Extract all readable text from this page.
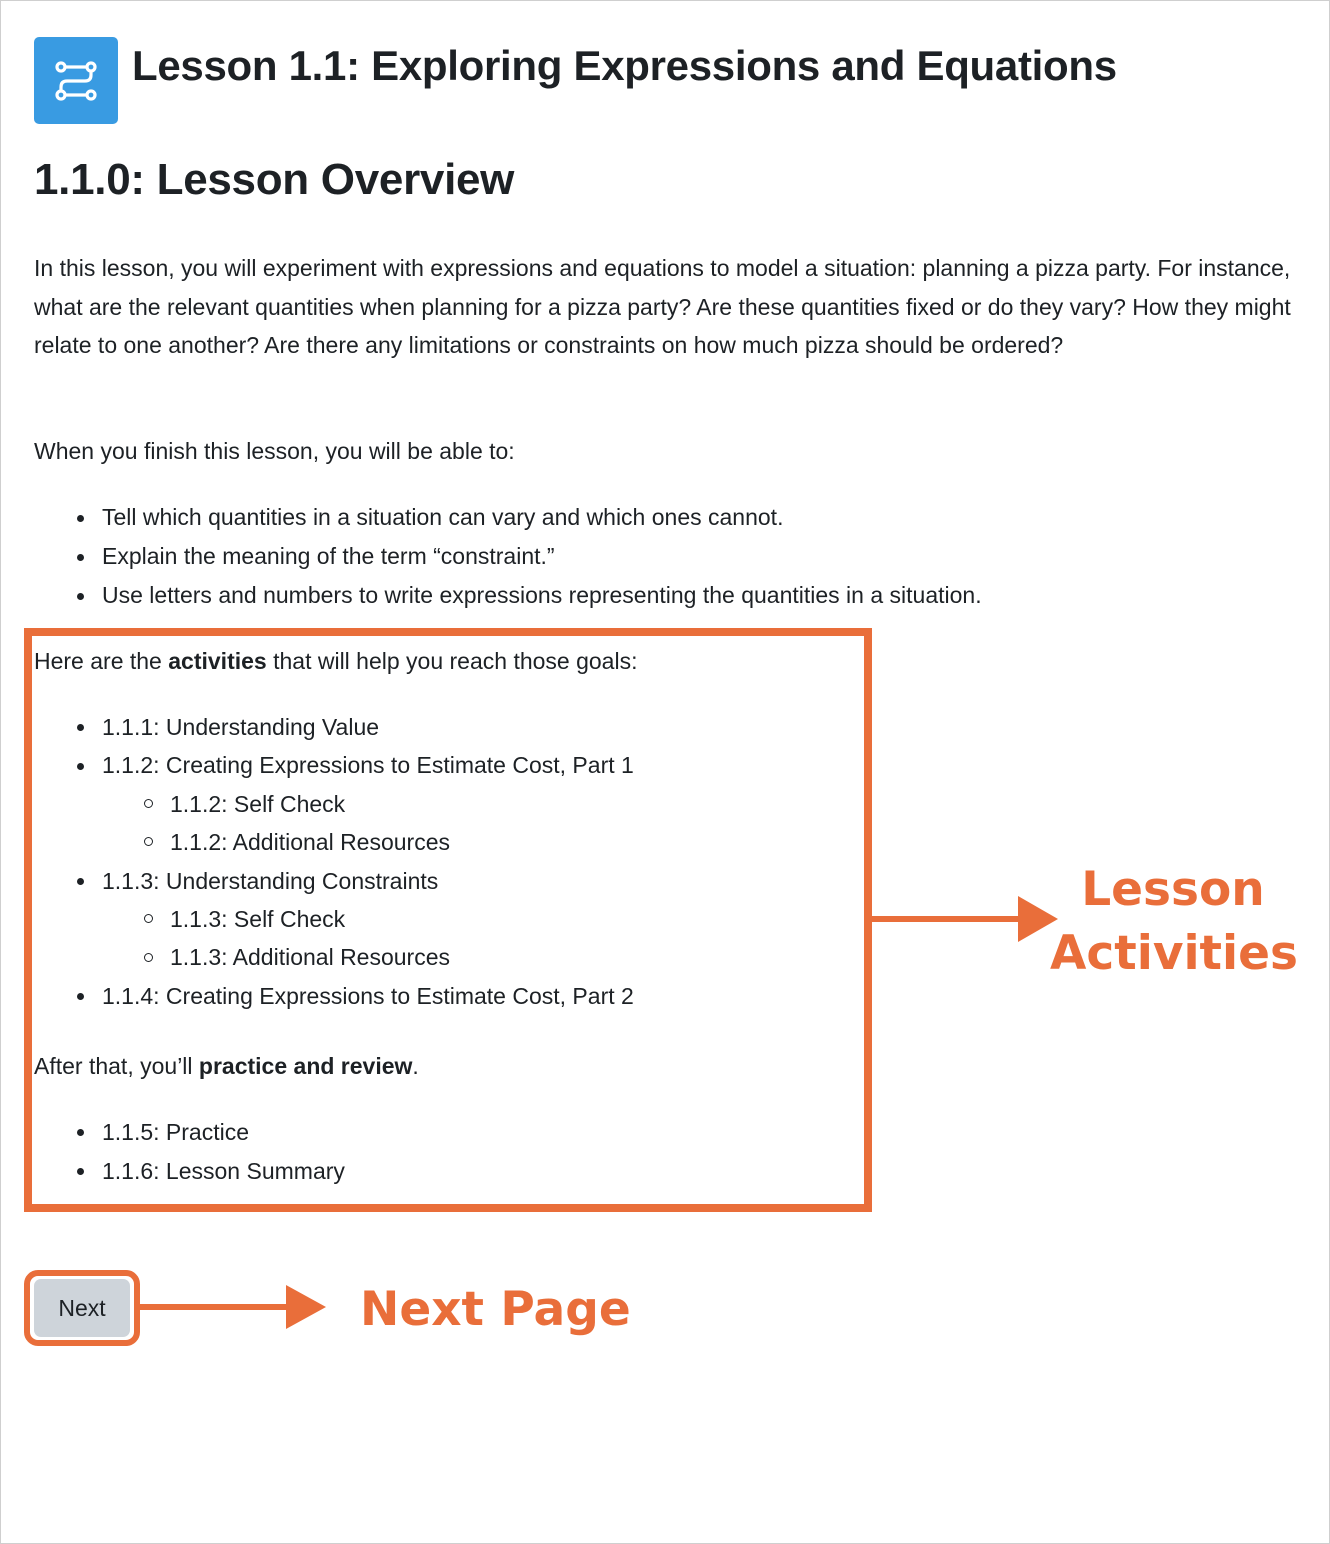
Lesson 1.1: Exploring Expressions and Equations
1.1.0: Lesson Overview

In this lesson, you will experiment with expressions and equations to model a situation: planning a pizza party. For instance, what are the relevant quantities when planning for a pizza party? Are these quantities fixed or do they vary? How they might relate to one another? Are there any limitations or constraints on how much pizza should be ordered?

When you finish this lesson, you will be able to:

Tell which quantities in a situation can vary and which ones cannot.
Explain the meaning of the term “constraint.”
Use letters and numbers to write expressions representing the quantities in a situation.

Here are the activities that will help you reach those goals:

1.1.1: Understanding Value
1.1.2: Creating Expressions to Estimate Cost, Part 1
1.1.2: Self Check
1.1.2: Additional Resources
1.1.3: Understanding Constraints
1.1.3: Self Check
1.1.3: Additional Resources
1.1.4: Creating Expressions to Estimate Cost, Part 2

After that, you’ll practice and review.

1.1.5: Practice
1.1.6: Lesson Summary
Lesson
Activities
Next	Next Page
